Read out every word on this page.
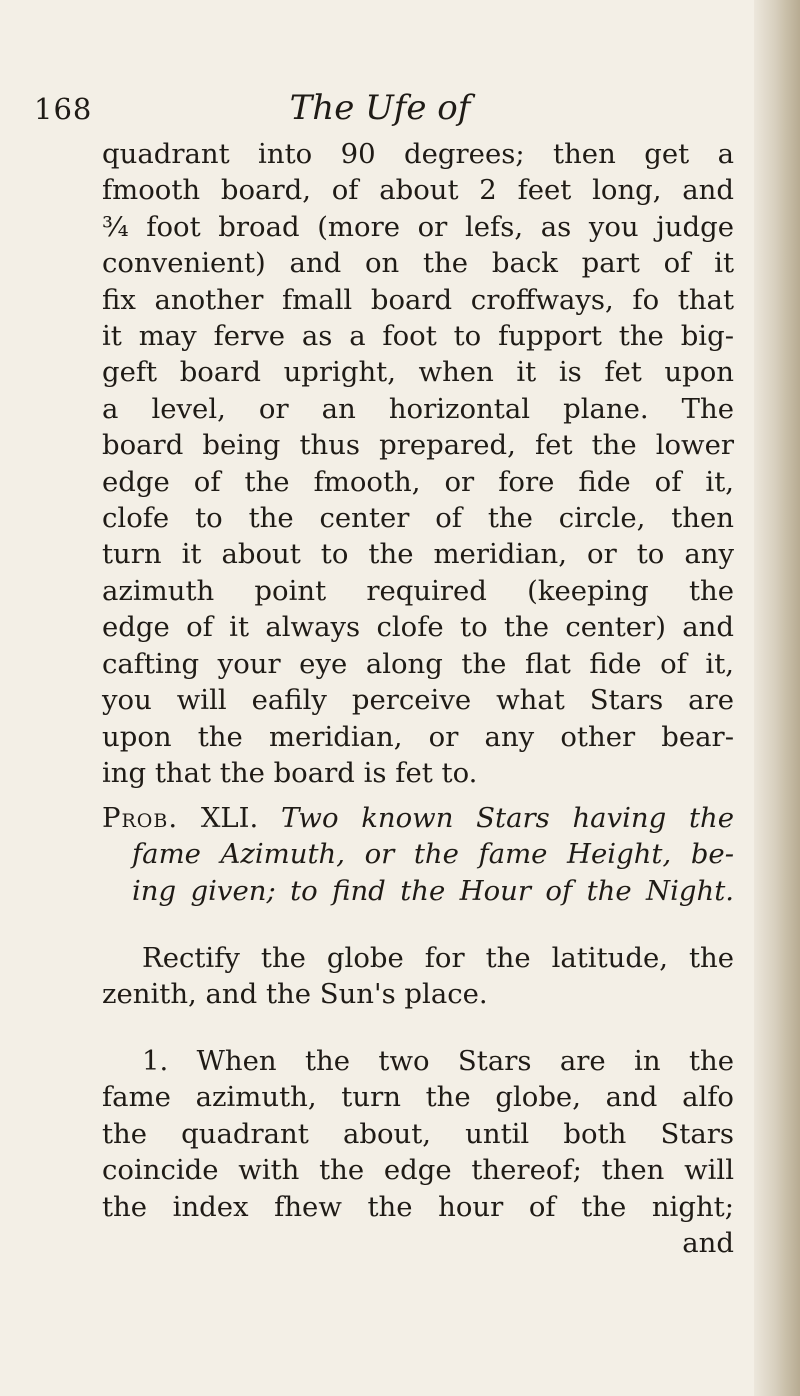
168	The Ufe of
quadrant into 90 degrees; then get a
fmooth board, of about 2 feet long, and
¾ foot broad (more or lefs, as you judge
convenient) and on the back part of it
fix another fmall board croffways, fo that
it may ferve as a foot to fupport the big-
geft board upright, when it is fet upon
a level, or an horizontal plane. The
board being thus prepared, fet the lower
edge of the fmooth, or fore fide of it,
clofe to the center of the circle, then
turn it about to the meridian, or to any
azimuth point required (keeping the
edge of it always clofe to the center) and
cafting your eye along the flat fide of it,
you will eafily perceive what Stars are
upon the meridian, or any other bear-
ing that the board is fet to.
Prob. XLI. Two known Stars having the
fame Azimuth, or the fame Height, be-
ing given; to find the Hour of the Night.
Rectify the globe for the latitude, the
zenith, and the Sun's place.
1. When the two Stars are in the
fame azimuth, turn the globe, and alfo
the quadrant about, until both Stars
coincide with the edge thereof; then will
the index fhew the hour of the night;
and
